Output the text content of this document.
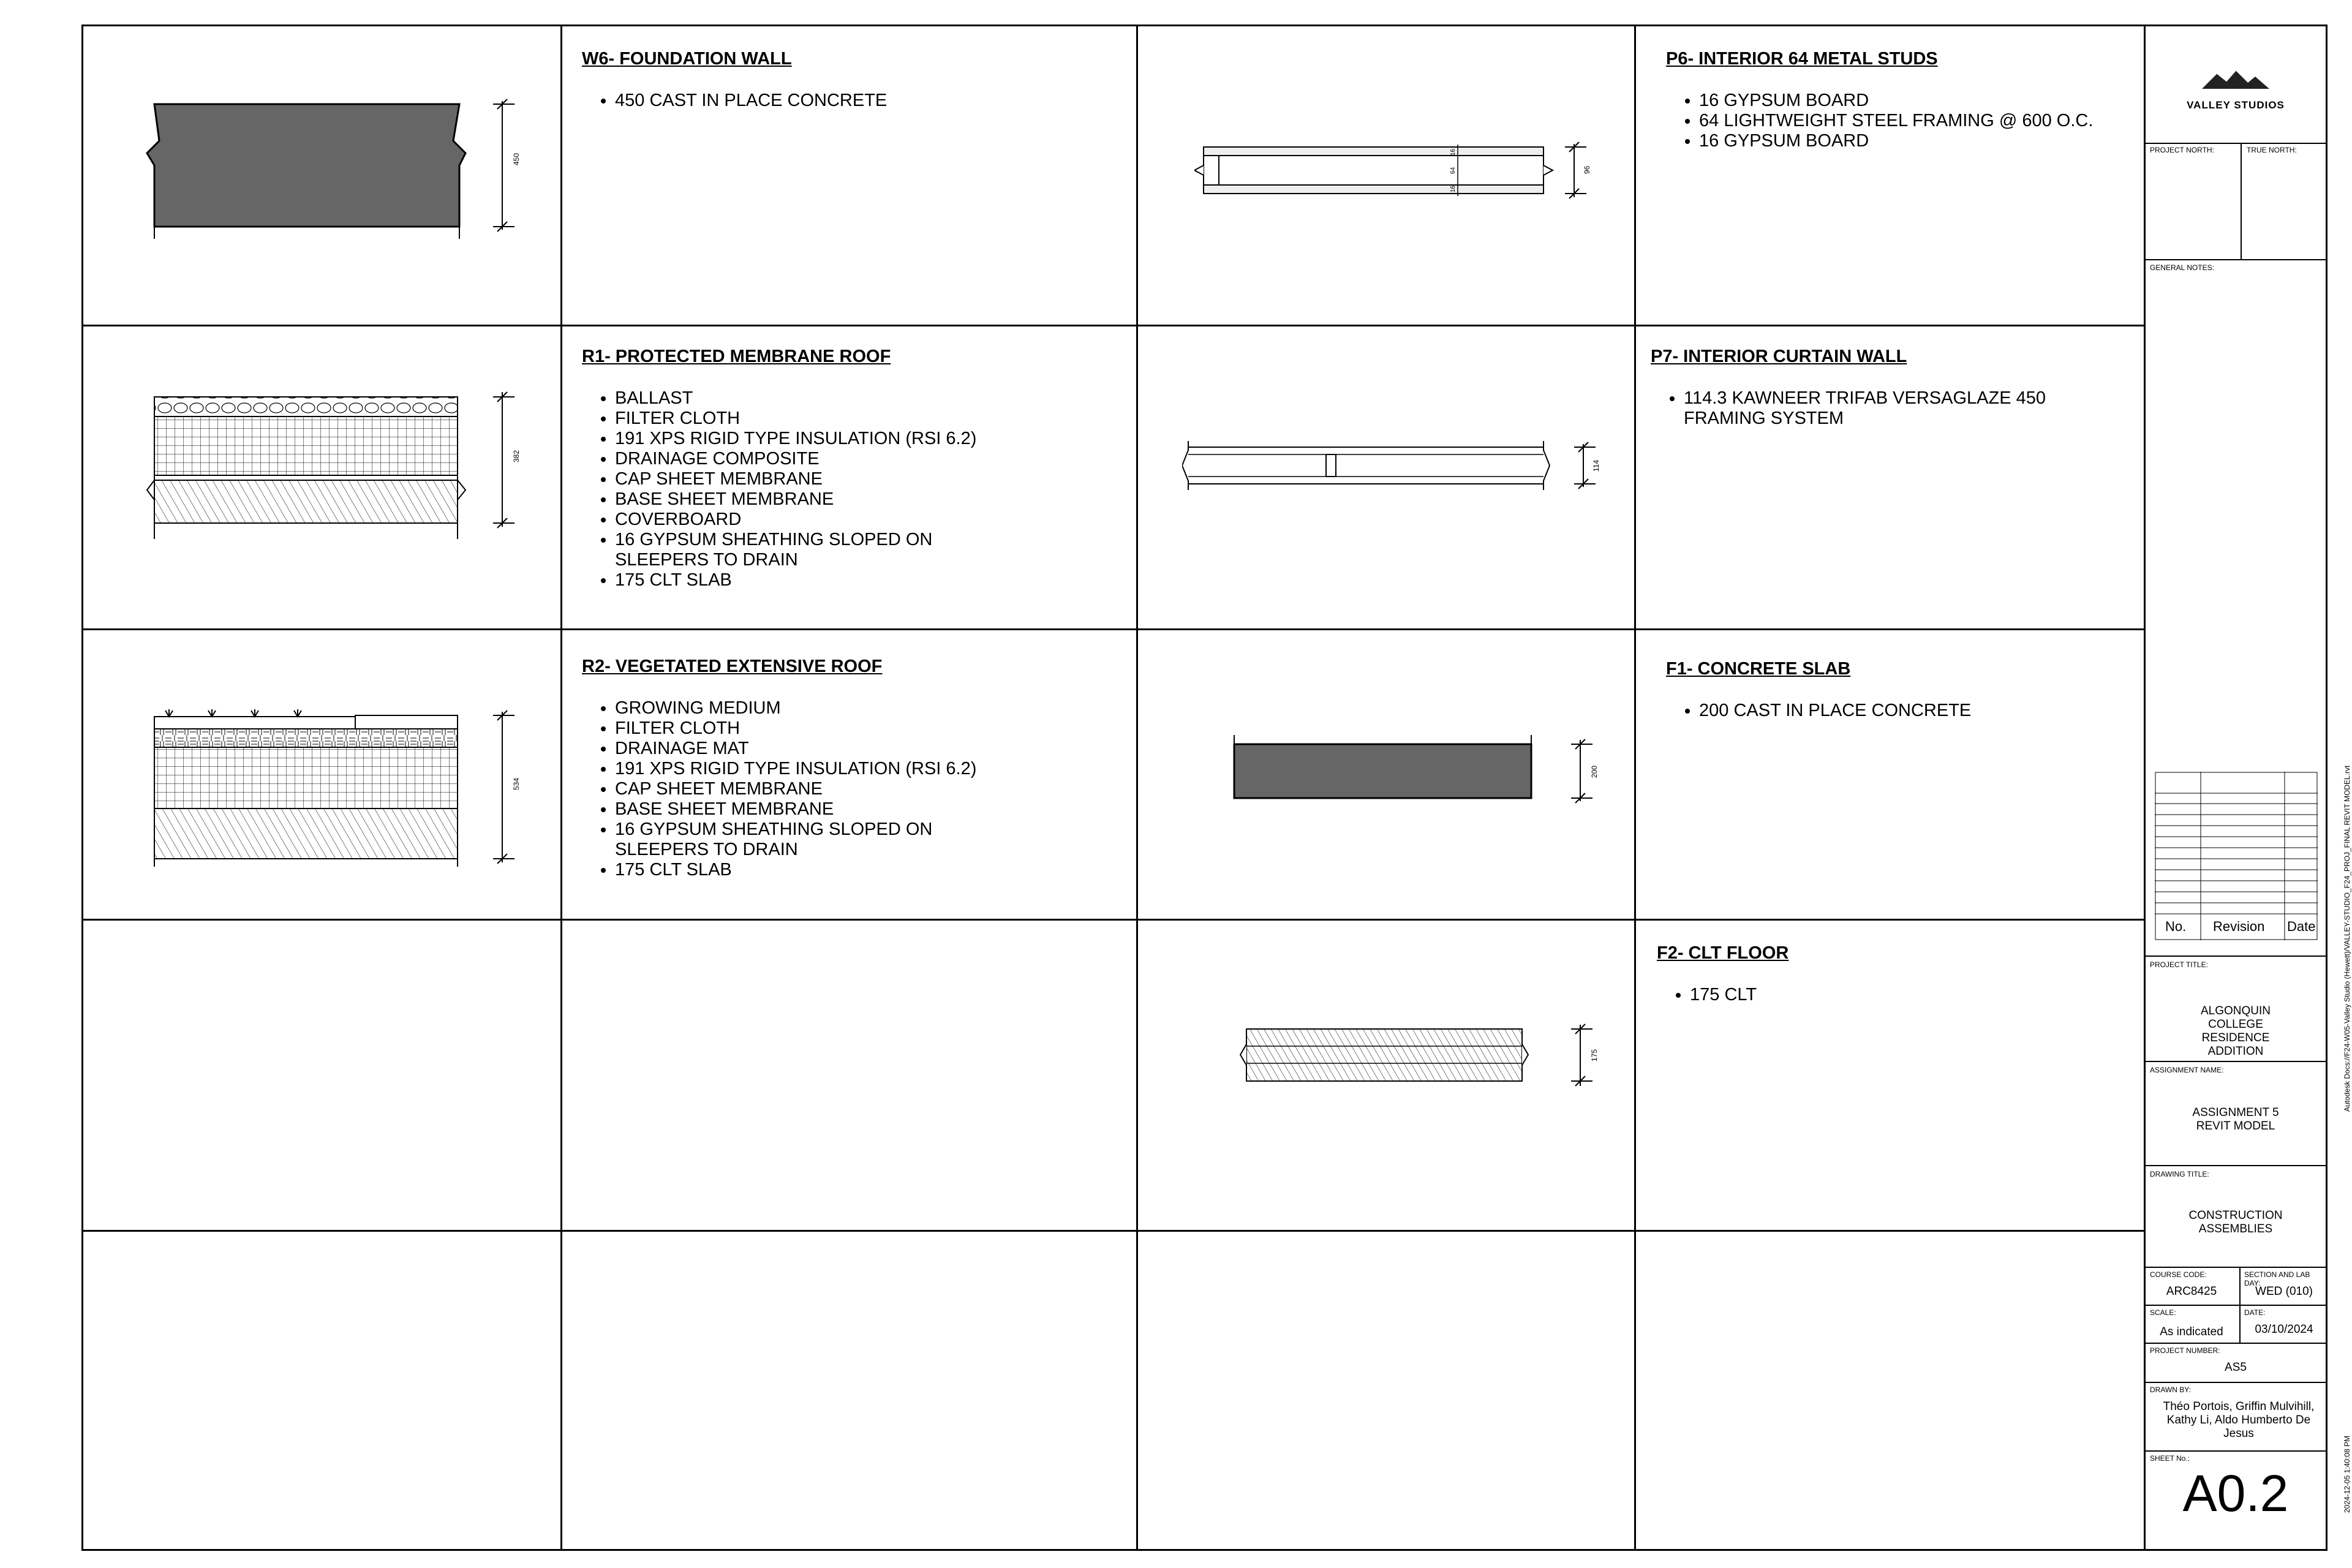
W6- FOUNDATION WALL
• 450 CAST IN PLACE CONCRETE
450
P6- INTERIOR 64 METAL STUDS
• 16 GYPSUM BOARD
• 64 LIGHTWEIGHT STEEL FRAMING @ 600 O.C.
• 16 GYPSUM BOARD
96
16
64
16
R1- PROTECTED MEMBRANE ROOF
• BALLAST
• FILTER CLOTH
• 191 XPS RIGID TYPE INSULATION (RSI 6.2)
• DRAINAGE COMPOSITE
• CAP SHEET MEMBRANE
• BASE SHEET MEMBRANE
• COVERBOARD
• 16 GYPSUM SHEATHING SLOPED ON SLEEPERS TO DRAIN
• 175 CLT SLAB
382
P7- INTERIOR CURTAIN WALL
• 114.3 KAWNEER TRIFAB VERSAGLAZE 450 FRAMING SYSTEM
114
R2- VEGETATED EXTENSIVE ROOF
• GROWING MEDIUM
• FILTER CLOTH
• DRAINAGE MAT
• 191 XPS RIGID TYPE INSULATION (RSI 6.2)
• CAP SHEET MEMBRANE
• BASE SHEET MEMBRANE
• 16 GYPSUM SHEATHING SLOPED ON SLEEPERS TO DRAIN
• 175 CLT SLAB
534
F1- CONCRETE SLAB
• 200 CAST IN PLACE CONCRETE
200
F2- CLT FLOOR
• 175 CLT
175
VALLEY STUDIOS
PROJECT NORTH:	TRUE NORTH:
GENERAL NOTES:
No. Revision Date
PROJECT TITLE:
ALGONQUIN COLLEGE RESIDENCE ADDITION
ASSIGNMENT NAME:
ASSIGNMENT 5 REVIT MODEL
DRAWING TITLE:
CONSTRUCTION ASSEMBLIES
COURSE CODE:
ARC8425
SECTION AND LAB DAY:
WED (010)
SCALE:
As indicated
DATE:
03/10/2024
PROJECT NUMBER:
AS5
DRAWN BY:
Théo Portois, Griffin Mulvihill, Kathy Li, Aldo Humberto De Jesus
SHEET No.:
A0.2
Autodesk Docs://F24-W05-Valley Studio (Hewett)/VALLEY-STUDIO_F24_PROJ_FINAL REVIT MODEL.rvt
2024-12-05 1:40:08 PM
